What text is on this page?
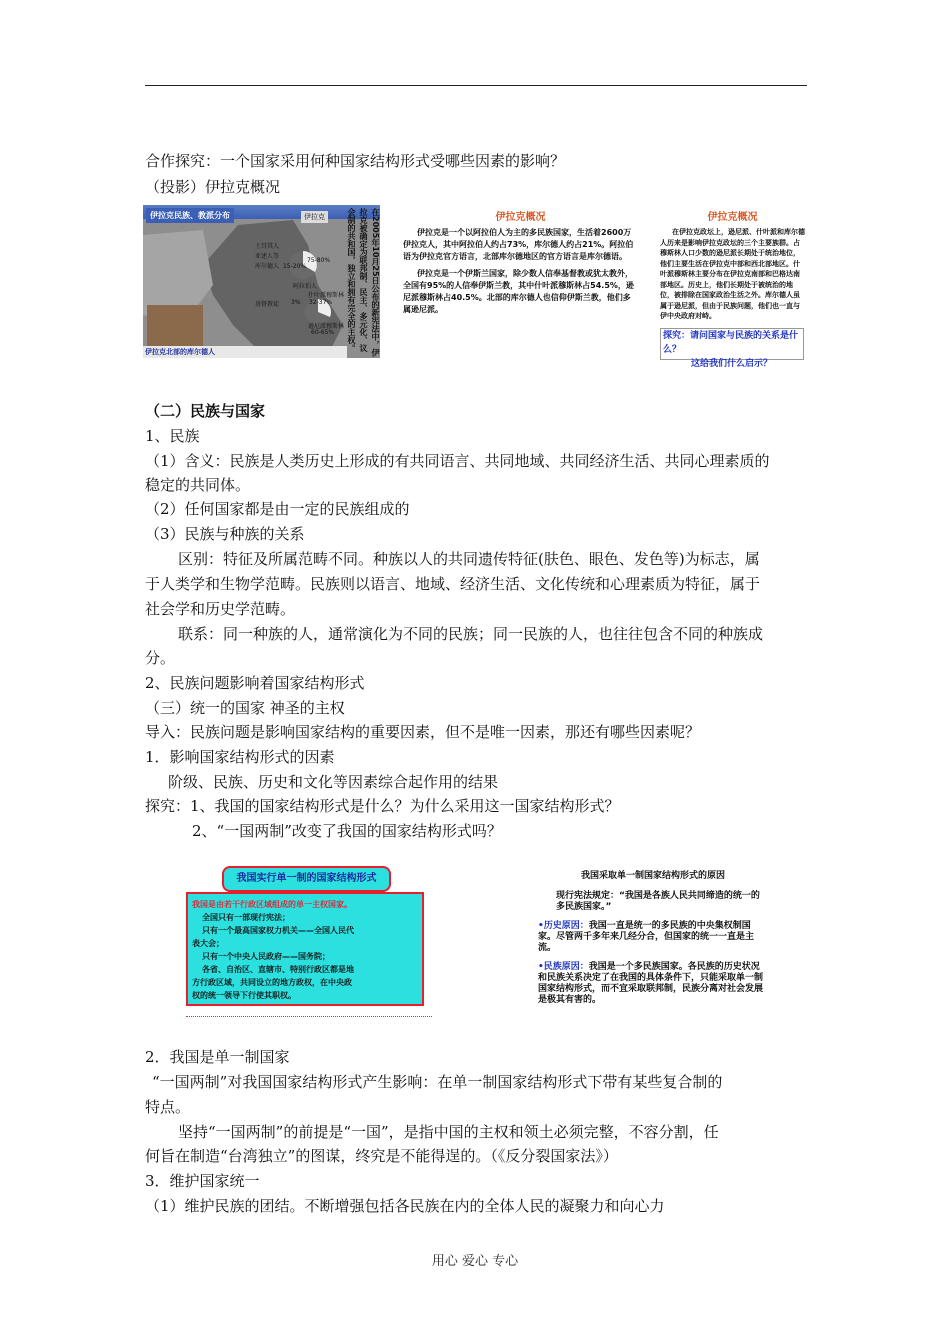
合作探究：一个国家采用何种国家结构形式受哪些因素的影响？
（投影）伊拉克概况
伊拉克民族、教派分布	伊拉克
土耳其人
亚述人等
库尔德人
阿拉伯人
什叶派穆斯林
基督教徒
逊尼派穆斯林
15-20%
75-80%
32-37%
60-65%
3%
伊拉克北部的库尔德人	在2005年10月25日公布的新宪法中，伊拉克被确定为联邦制、民主、多元化、议会制的共和国，独立和拥有完全的主权。	伊拉克概况

伊拉克是一个以阿拉伯人为主的多民族国家，生活着2600万伊拉克人，其中阿拉伯人约占73%，库尔德人约占21%。阿拉伯语为伊拉克官方语言，北部库尔德地区的官方语言是库尔德语。

伊拉克是一个伊斯兰国家，除少数人信奉基督教或犹太教外，全国有95%的人信奉伊斯兰教，其中什叶派穆斯林占54.5%，逊尼派穆斯林占40.5%。北部的库尔德人也信仰伊斯兰教，他们多属逊尼派。

伊拉克概况

在伊拉克政坛上，逊尼派、什叶派和库尔德人历来是影响伊拉克政坛的三个主要族群。占穆斯林人口少数的逊尼派长期处于统治地位，他们主要生活在伊拉克中部和西北部地区。什叶派穆斯林主要分布在伊拉克南部和巴格达南部地区。历史上，他们长期处于被统治的地位，被排除在国家政治生活之外。库尔德人虽属于逊尼派，但由于民族问题，他们也一直与伊中央政府对峙。

探究：请问国家与民族的关系是什么？
这给我们什么启示？
（二）民族与国家
1、民族
（1）含义：民族是人类历史上形成的有共同语言、共同地域、共同经济生活、共同心理素质的
稳定的共同体。
（2）任何国家都是由一定的民族组成的
（3）民族与种族的关系
区别：特征及所属范畴不同。种族以人的共同遗传特征(肤色、眼色、发色等)为标志，属
于人类学和生物学范畴。民族则以语言、地域、经济生活、文化传统和心理素质为特征，属于
社会学和历史学范畴。
联系：同一种族的人，通常演化为不同的民族；同一民族的人，也往往包含不同的种族成
分。
2、民族问题影响着国家结构形式
（三）统一的国家 神圣的主权
导入：民族问题是影响国家结构的重要因素，但不是唯一因素，那还有哪些因素呢？
1．影响国家结构形式的因素
阶级、民族、历史和文化等因素综合起作用的结果
探究：1、我国的国家结构形式是什么？为什么采用这一国家结构形式？
2、“一国两制”改变了我国的国家结构形式吗？
我国实行单一制的国家结构形式
我国是由若干行政区域组成的单一主权国家。
全国只有一部现行宪法；
只有一个最高国家权力机关——全国人民代
表大会；
只有一个中央人民政府——国务院；
各省、自治区、直辖市、特别行政区都是地
方行政区域，共同设立的地方政权，在中央政
权的统一领导下行使其职权。
我国采取单一制国家结构形式的原因
现行宪法规定：“我国是各族人民共同缔造的统一的多民族国家。”
•历史原因：我国一直是统一的多民族的中央集权制国家。尽管两千多年来几经分合，但国家的统一一直是主流。
•民族原因：我国是一个多民族国家。各民族的历史状况和民族关系决定了在我国的具体条件下，只能采取单一制国家结构形式，而不宜采取联邦制，民族分离对社会发展是极其有害的。
2．我国是单一制国家
“一国两制”对我国国家结构形式产生影响：在单一制国家结构形式下带有某些复合制的
特点。
坚持“一国两制”的前提是“一国”，是指中国的主权和领土必须完整，不容分割，任
何旨在制造“台湾独立”的图谋，终究是不能得逞的。（《反分裂国家法》）
3．维护国家统一
（1）维护民族的团结。不断增强包括各民族在内的全体人民的凝聚力和向心力
用心 爱心 专心
